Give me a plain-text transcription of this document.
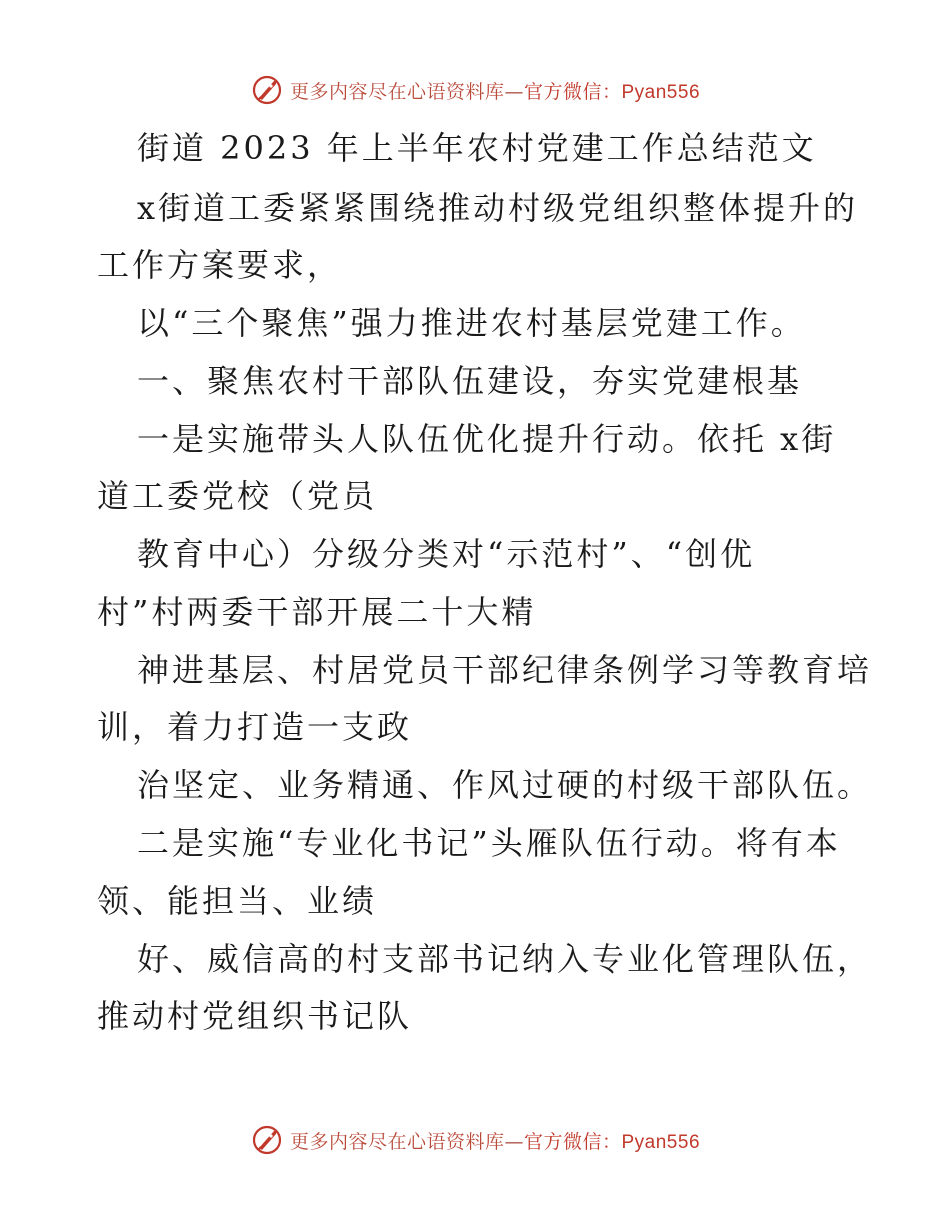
更多内容尽在心语资料库—官方微信：Pyan556
街道 2023 年上半年农村党建工作总结范文
x街道工委紧紧围绕推动村级党组织整体提升的
工作方案要求，
以“三个聚焦”强力推进农村基层党建工作。
一、聚焦农村干部队伍建设，夯实党建根基
一是实施带头人队伍优化提升行动。依托 x街
道工委党校（党员
教育中心）分级分类对“示范村”、“创优
村”村两委干部开展二十大精
神进基层、村居党员干部纪律条例学习等教育培
训，着力打造一支政
治坚定、业务精通、作风过硬的村级干部队伍。
二是实施“专业化书记”头雁队伍行动。将有本
领、能担当、业绩
好、威信高的村支部书记纳入专业化管理队伍，
推动村党组织书记队
更多内容尽在心语资料库—官方微信：Pyan556
